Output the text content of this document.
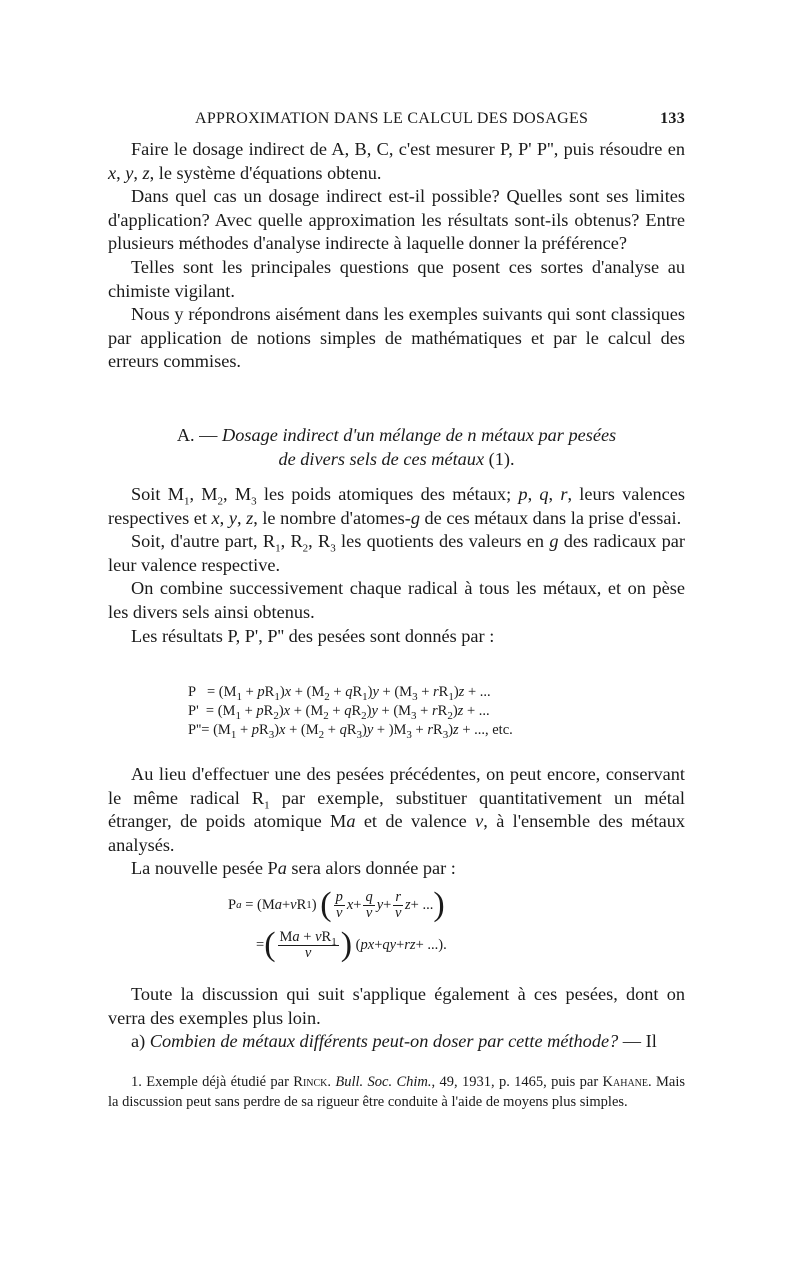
APPROXIMATION DANS LE CALCUL DES DOSAGES	133

Faire le dosage indirect de A, B, C, c'est mesurer P, P' P'', puis résoudre en x, y, z, le système d'équations obtenu.

Dans quel cas un dosage indirect est-il possible? Quelles sont ses limites d'application? Avec quelle approximation les résultats sont-ils obtenus? Entre plusieurs méthodes d'analyse indirecte à laquelle donner la préférence?

Telles sont les principales questions que posent ces sortes d'analyse au chimiste vigilant.

Nous y répondrons aisément dans les exemples suivants qui sont classiques par application de notions simples de mathématiques et par le calcul des erreurs commises.

A. — Dosage indirect d'un mélange de n métaux par pesées
de divers sels de ces métaux (1).

Soit $M_1$, $M_2$, $M_3$ les poids atomiques des métaux; p, q, r, leurs valences respectives et x, y, z, le nombre d'atomes-g de ces métaux dans la prise d'essai.

Soit, d'autre part, $R_1$, $R_2$, $R_3$ les quotients des valeurs en g des radicaux par leur valence respective.

On combine successivement chaque radical à tous les métaux, et on pèse les divers sels ainsi obtenus.

Les résultats P, P', P'' des pesées sont donnés par :

$P = (M_1 + pR_1)x + (M_2 + qR_1)y + (M_3 + rR_1)z$ + ...
$P' = (M_1 + pR_2)x + (M_2 + qR_2)y + (M_3 + rR_2)z$ + ...
$P''= (M_1 + pR_3)x + (M_2 + qR_3)y + )M_3 + rR_3)z$ + ..., etc.

Au lieu d'effectuer une des pesées précédentes, on peut encore, conservant le même radical $R_1$ par exemple, substituer quantitativement un métal étranger, de poids atomique Ma et de valence v, à l'ensemble des métaux analysés.

La nouvelle pesée Pa sera alors donnée par :

P a = (M a + v R 1 ) ( $\frac{p}{v}$ $x + \frac{q}{v}$ $y + \frac{r}{v}$ z + ... )
= ( $\frac{Ma + vR_1}{v}$ ) ( px + qy + rz + ...).

Toute la discussion qui suit s'applique également à ces pesées, dont on verra des exemples plus loin.

a) Combien de métaux différents peut-on doser par cette méthode? — Il

1. Exemple déjà étudié par Rinck. Bull. Soc. Chim., 49, 1931, p. 1465, puis par Kahane. Mais la discussion peut sans perdre de sa rigueur être conduite à l'aide de moyens plus simples.
